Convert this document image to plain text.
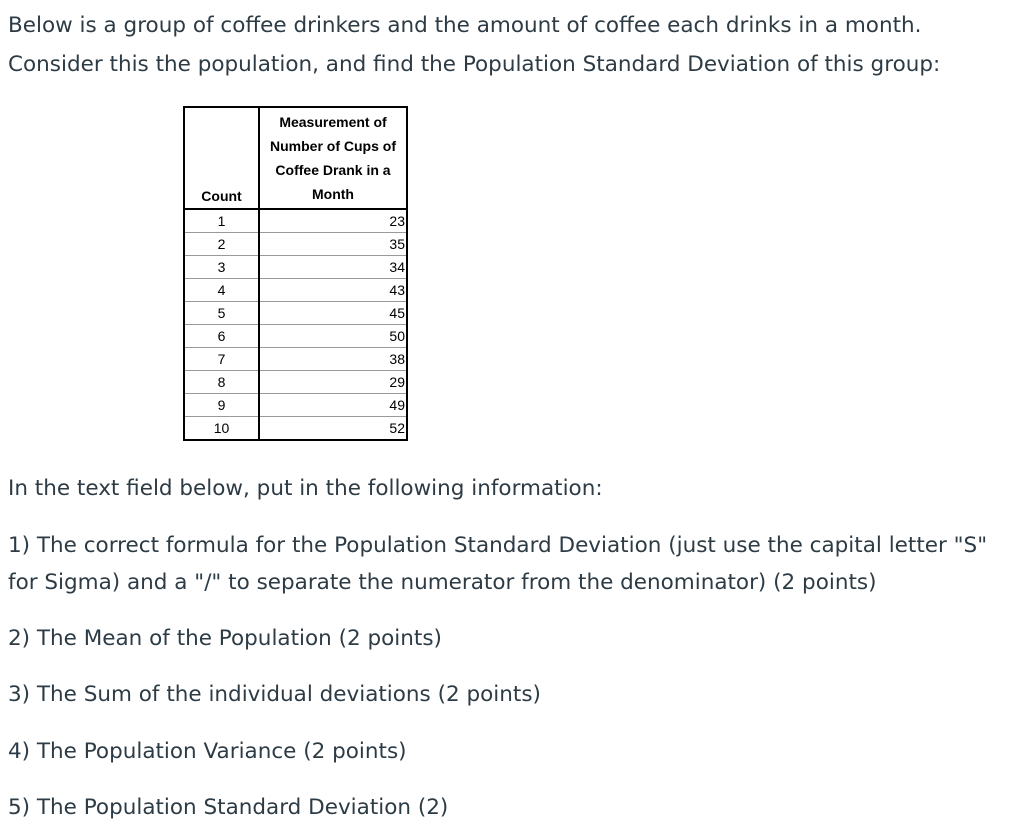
Below is a group of coffee drinkers and the amount of coffee each drinks in a month. Consider this the population, and find the Population Standard Deviation of this group:

Count	Measurement of
Number of Cups of
Coffee Drank in a
Month
1	23
2	35
3	34
4	43
5	45
6	50
7	38
8	29
9	49
10	52

In the text field below, put in the following information:

1) The correct formula for the Population Standard Deviation (just use the capital letter "S" for Sigma) and a "/" to separate the numerator from the denominator) (2 points)

2) The Mean of the Population (2 points)

3) The Sum of the individual deviations (2 points)

4) The Population Variance (2 points)

5) The Population Standard Deviation (2)
